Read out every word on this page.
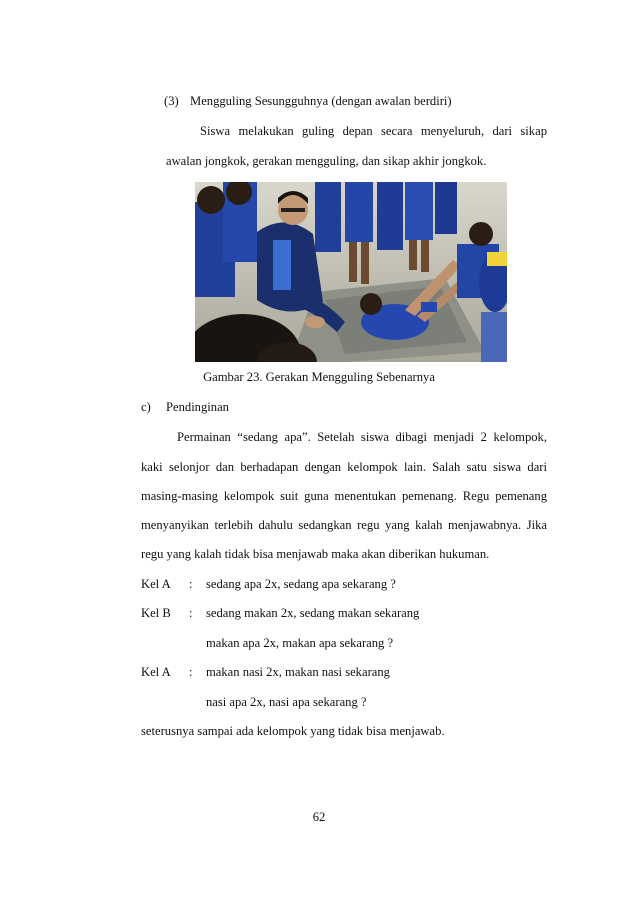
(3) Mengguling Sesungguhnya (dengan awalan berdiri)
Siswa melakukan guling depan secara menyeluruh, dari sikap
awalan jongkok, gerakan mengguling, dan sikap akhir jongkok.
Gambar 23. Gerakan Mengguling Sebenarnya
c) Pendinginan
Permainan “sedang apa”. Setelah siswa dibagi menjadi 2 kelompok,
kaki selonjor dan berhadapan dengan kelompok lain. Salah satu siswa dari
masing-masing kelompok suit guna menentukan pemenang. Regu pemenang
menyanyikan terlebih dahulu sedangkan regu yang kalah menjawabnya. Jika
regu yang kalah tidak bisa menjawab maka akan diberikan hukuman.
Kel A : sedang apa 2x, sedang apa sekarang ?
Kel B : sedang makan 2x, sedang makan sekarang
makan apa 2x, makan apa sekarang ?
Kel A : makan nasi 2x, makan nasi sekarang
nasi apa 2x, nasi apa sekarang ?
seterusnya sampai ada kelompok yang tidak bisa menjawab.
62
